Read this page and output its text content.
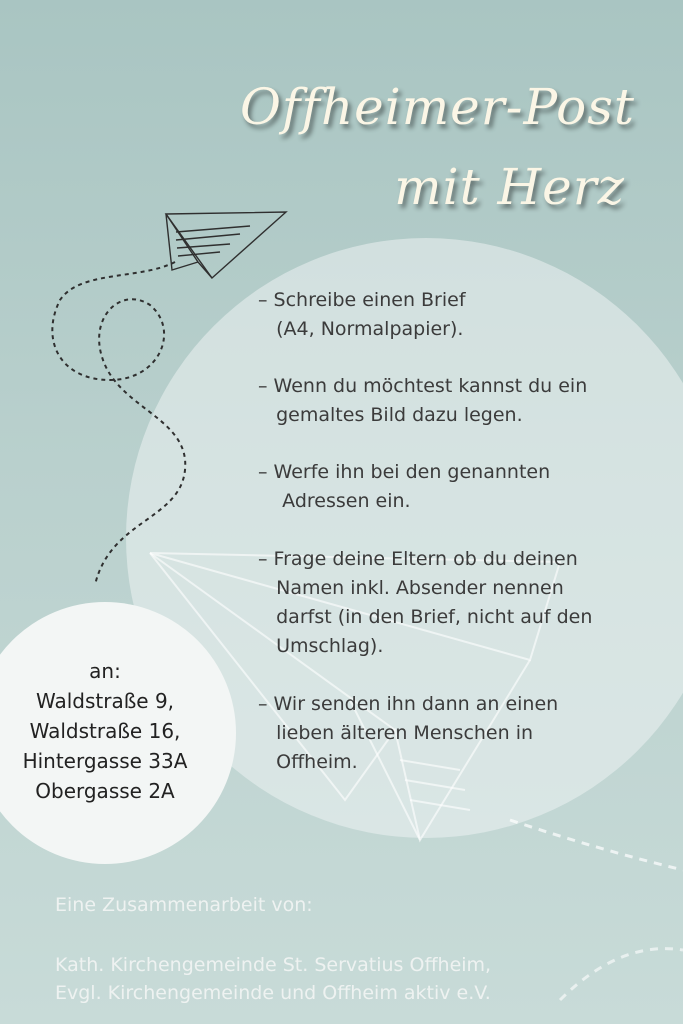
Offheimer-Post
mit Herz
– Schreibe einen Brief
(A4, Normalpapier).
– Wenn du möchtest kannst du ein
gemaltes Bild dazu legen.
– Werfe ihn bei den genannten
Adressen ein.
– Frage deine Eltern ob du deinen
Namen inkl. Absender nennen
darfst (in den Brief, nicht auf den
Umschlag).
– Wir senden ihn dann an einen
lieben älteren Menschen in
Offheim.
an:
Waldstraße 9,
Waldstraße 16,
Hintergasse 33A
Obergasse 2A
Eine Zusammenarbeit von:
Kath. Kirchengemeinde St. Servatius Offheim,
Evgl. Kirchengemeinde und Offheim aktiv e.V.
